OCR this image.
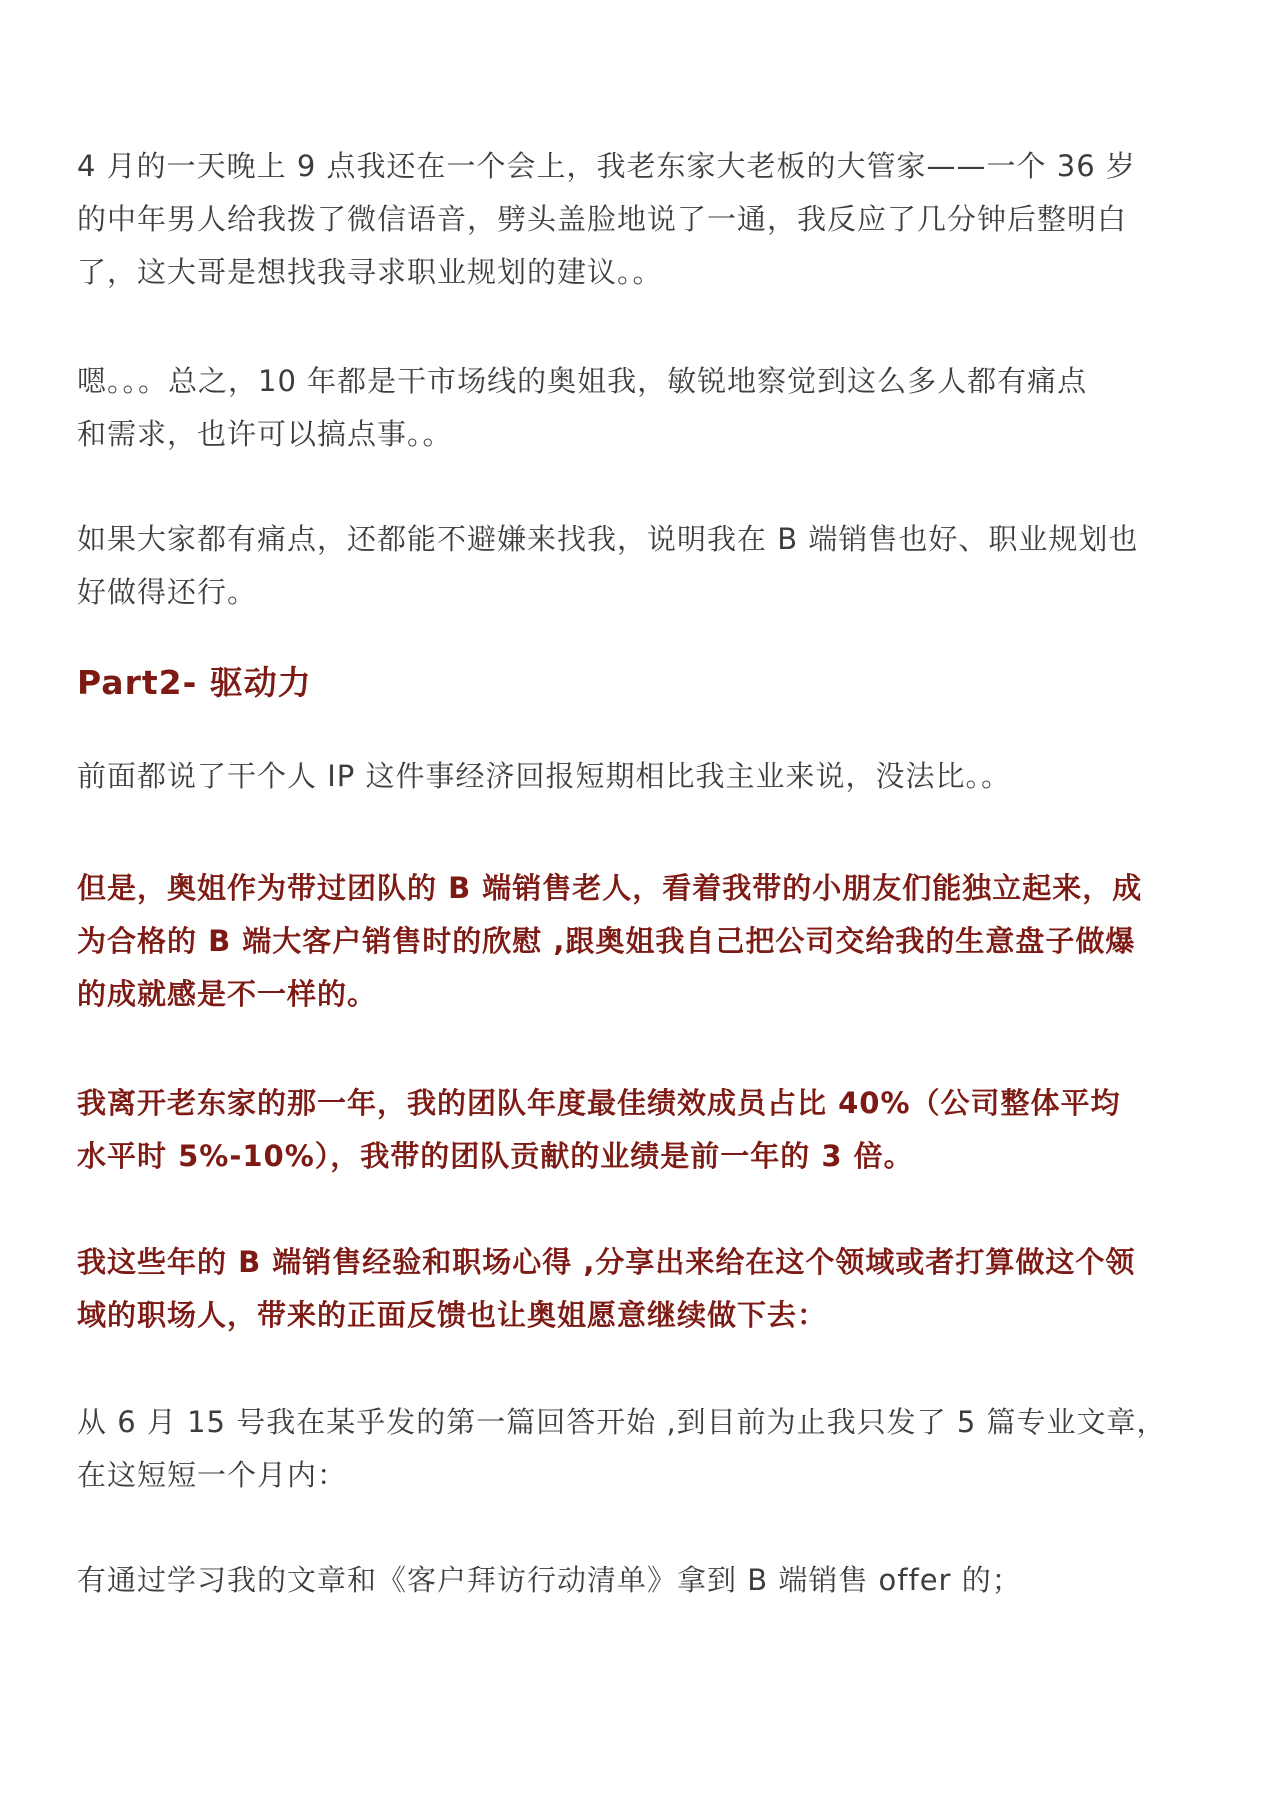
4 月的一天晚上 9 点我还在一个会上，我老东家大老板的大管家——一个 36 岁
的中年男人给我拨了微信语音，劈头盖脸地说了一通，我反应了几分钟后整明白
了，这大哥是想找我寻求职业规划的建议。。

嗯。。。总之，10 年都是干市场线的奥姐我，敏锐地察觉到这么多人都有痛点
和需求，也许可以搞点事。。

如果大家都有痛点，还都能不避嫌来找我，说明我在 B 端销售也好、职业规划也
好做得还行。

Part2- 驱动力

前面都说了干个人 IP 这件事经济回报短期相比我主业来说，没法比。。

但是，奥姐作为带过团队的 B 端销售老人，看着我带的小朋友们能独立起来，成
为合格的 B 端大客户销售时的欣慰 ,跟奥姐我自己把公司交给我的生意盘子做爆
的成就感是不一样的。

我离开老东家的那一年，我的团队年度最佳绩效成员占比 40%（公司整体平均
水平时 5%-10%），我带的团队贡献的业绩是前一年的 3 倍。

我这些年的 B 端销售经验和职场心得 ,分享出来给在这个领域或者打算做这个领
域的职场人，带来的正面反馈也让奥姐愿意继续做下去：

从 6 月 15 号我在某乎发的第一篇回答开始 ,到目前为止我只发了 5 篇专业文章，
在这短短一个月内：

有通过学习我的文章和《客户拜访行动清单》拿到 B 端销售 offer 的；
